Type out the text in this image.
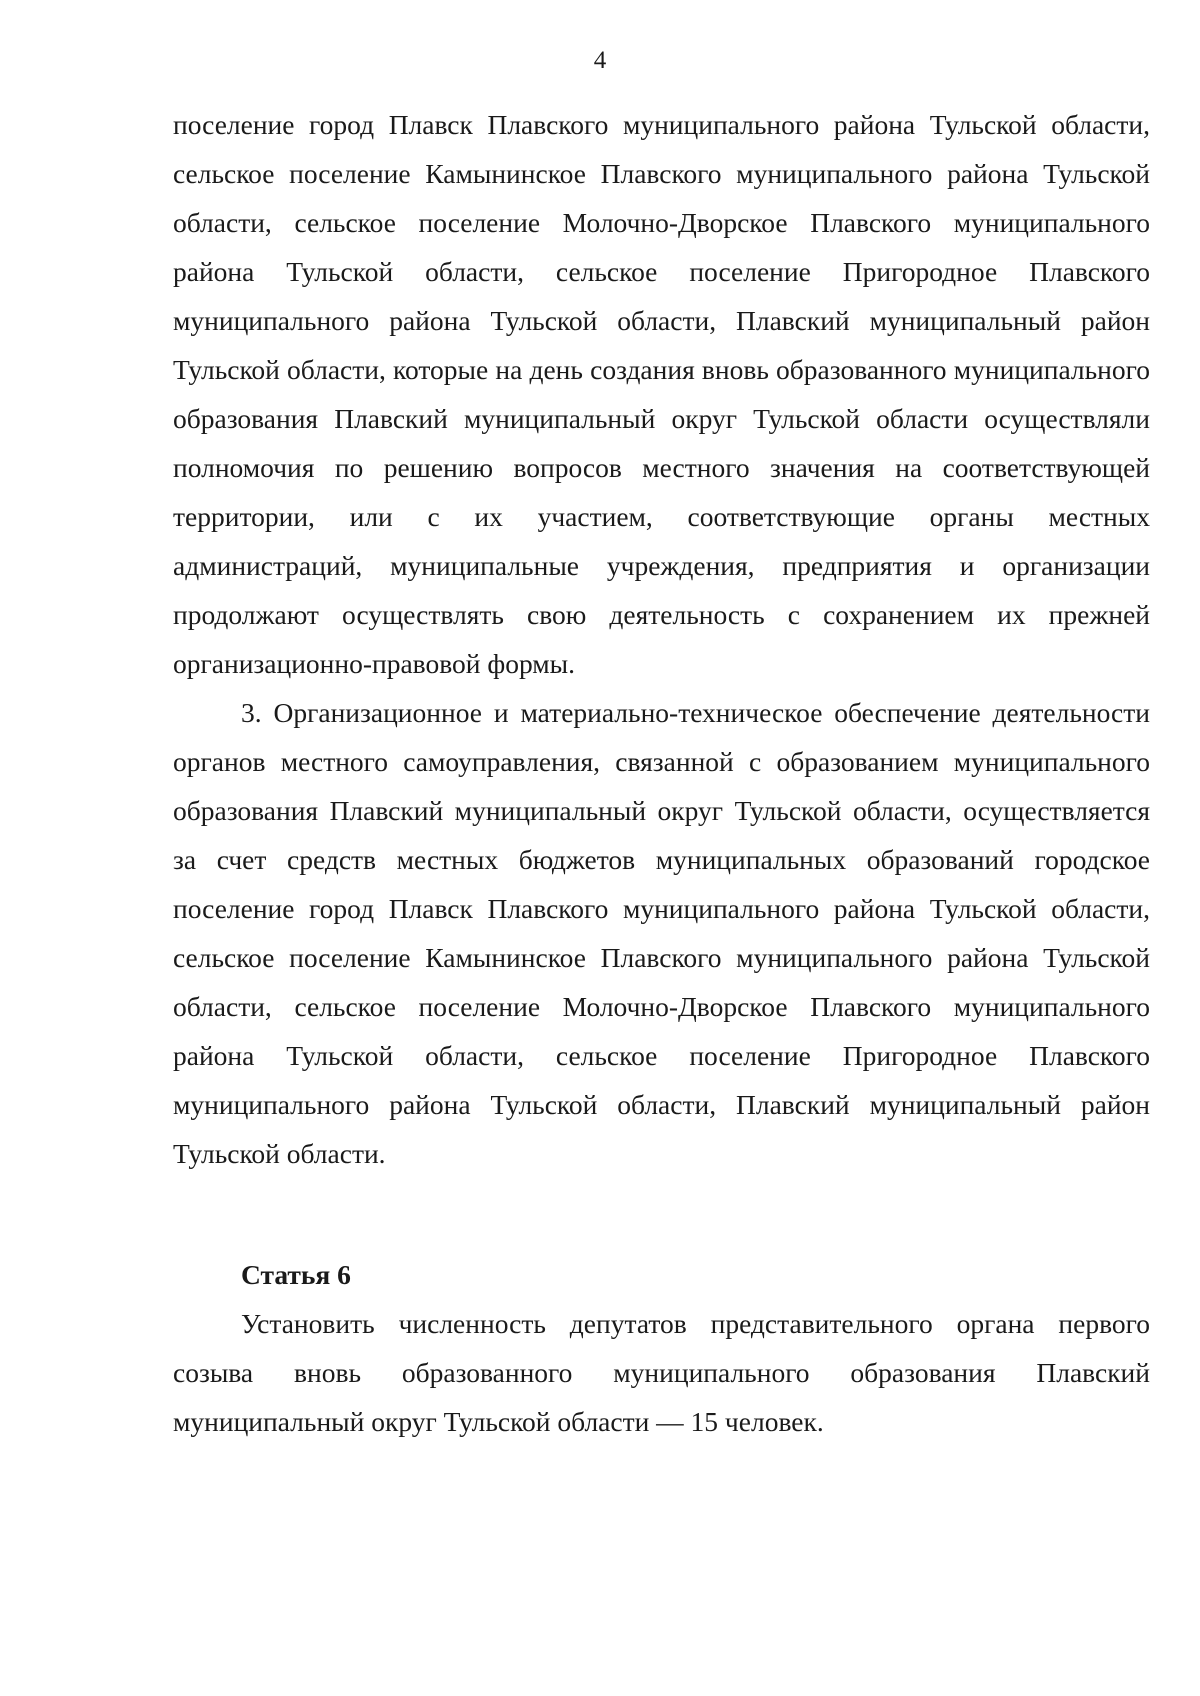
4

поселение город Плавск Плавского муниципального района Тульской области, сельское поселение Камынинское Плавского муниципального района Тульской области, сельское поселение Молочно-Дворское Плавского муниципального района Тульской области, сельское поселение Пригородное Плавского муниципального района Тульской области, Плавский муниципальный район Тульской области, которые на день создания вновь образованного муниципального образования Плавский муниципальный округ Тульской области осуществляли полномочия по решению вопросов местного значения на соответствующей территории, или с их участием, соответствующие органы местных администраций, муниципальные учреждения, предприятия и организации продолжают осуществлять свою деятельность с сохранением их прежней организационно-правовой формы.

3. Организационное и материально-техническое обеспечение деятельности органов местного самоуправления, связанной с образованием муниципального образования Плавский муниципальный округ Тульской области, осуществляется за счет средств местных бюджетов муниципальных образований городское поселение город Плавск Плавского муниципального района Тульской области, сельское поселение Камынинское Плавского муниципального района Тульской области, сельское поселение Молочно-Дворское Плавского муниципального района Тульской области, сельское поселение Пригородное Плавского муниципального района Тульской области, Плавский муниципальный район Тульской области.

Статья 6

Установить численность депутатов представительного органа первого созыва вновь образованного муниципального образования Плавский муниципальный округ Тульской области — 15 человек.
